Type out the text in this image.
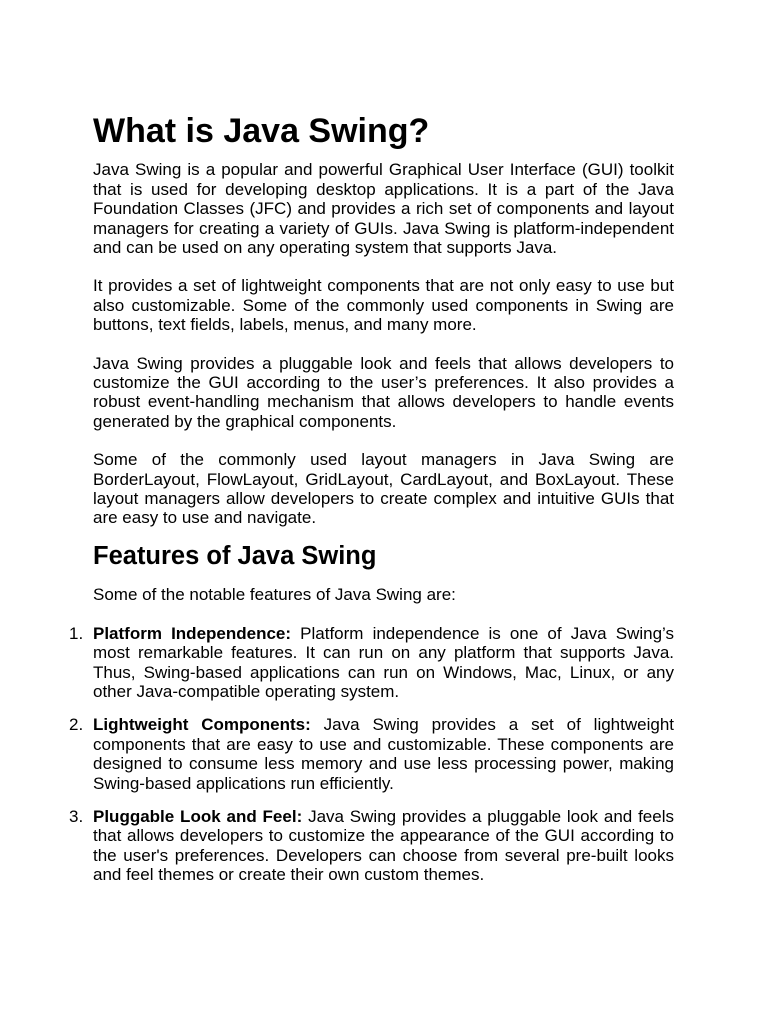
What is Java Swing?

Java Swing is a popular and powerful Graphical User Interface (GUI) toolkit that is used for developing desktop applications. It is a part of the Java Foundation Classes (JFC) and provides a rich set of components and layout managers for creating a variety of GUIs. Java Swing is platform-independent and can be used on any operating system that supports Java.

It provides a set of lightweight components that are not only easy to use but also customizable. Some of the commonly used components in Swing are buttons, text fields, labels, menus, and many more.

Java Swing provides a pluggable look and feels that allows developers to customize the GUI according to the user’s preferences. It also provides a robust event-handling mechanism that allows developers to handle events generated by the graphical components.

Some of the commonly used layout managers in Java Swing are BorderLayout, FlowLayout, GridLayout, CardLayout, and BoxLayout. These layout managers allow developers to create complex and intuitive GUIs that are easy to use and navigate.

Features of Java Swing

Some of the notable features of Java Swing are:

1. Platform Independence: Platform independence is one of Java Swing’s most remarkable features. It can run on any platform that supports Java. Thus, Swing-based applications can run on Windows, Mac, Linux, or any other Java-compatible operating system.
2. Lightweight Components: Java Swing provides a set of lightweight components that are easy to use and customizable. These components are designed to consume less memory and use less processing power, making Swing-based applications run efficiently.
3. Pluggable Look and Feel: Java Swing provides a pluggable look and feels that allows developers to customize the appearance of the GUI according to the user's preferences. Developers can choose from several pre-built looks and feel themes or create their own custom themes.
